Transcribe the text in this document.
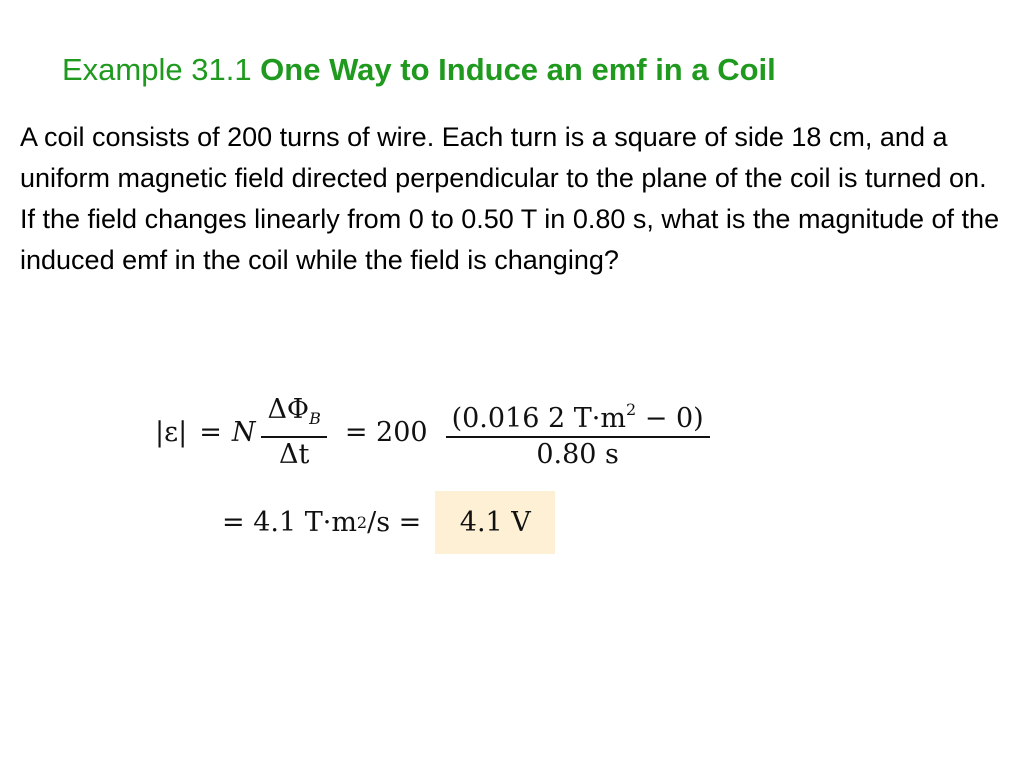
Example 31.1 One Way to Induce an emf in a Coil
A coil consists of 200 turns of wire. Each turn is a square of side 18 cm, and a uniform magnetic field directed perpendicular to the plane of the coil is turned on. If the field changes linearly from 0 to 0.50 T in 0.80 s, what is the magnitude of the induced emf in the coil while the field is changing?
|ε| = N $\frac{\Delta\Phi_B}{\Delta t} = 200 \frac{(0.016 2 T\cdot m^2 - 0)}{0.80 s}$
= 4.1 T·m 2 /s = 4.1 V
